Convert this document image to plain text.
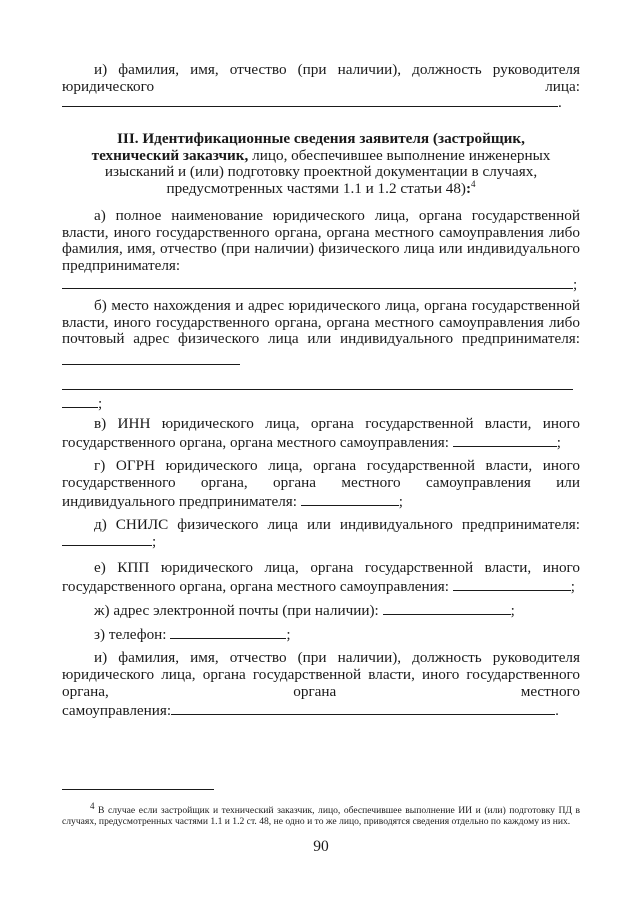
и) фамилия, имя, отчество (при наличии), должность руководителя

юридического	лица:

.
III. Идентификационные сведения заявителя (застройщик,
технический заказчик, лицо, обеспечившее выполнение инженерных
изысканий и (или) подготовку проектной документации в случаях,
предусмотренных частями 1.1 и 1.2 статьи 48):$^4$

а) полное наименование юридического лица, органа государственной власти, иного государственного органа, органа местного самоуправления либо фамилия, имя, отчество (при наличии) физического лица или индивидуального предпринимателя:

;

б) место нахождения и адрес юридического лица, органа государственной власти, иного государственного органа, органа местного самоуправления либо почтовый адрес физического лица или индивидуального предпринимателя:

;

в) ИНН юридического лица, органа государственной власти, иного государственного органа, органа местного самоуправления:	;

г) ОГРН юридического лица, органа государственной власти, иного

государственного органа, органа местного самоуправления или

индивидуального предпринимателя:	;

д) СНИЛС физического лица или индивидуального предпринимателя:

;

е) КПП юридического лица, органа государственной власти, иного государственного органа, органа местного самоуправления:	;

ж) адрес электронной почты (при наличии):	;

з) телефон:	;

и) фамилия, имя, отчество (при наличии), должность руководителя

юридического лица, органа государственной власти, иного государственного

органа,	органа	местного

самоуправления:	.

$^4$ В случае если застройщик и технический заказчик, лицо, обеспечившее выполнение ИИ и (или) подготовку ПД в случаях, предусмотренных частями 1.1 и 1.2 ст. 48, не одно и то же лицо, приводятся сведения отдельно по каждому из них.

90
